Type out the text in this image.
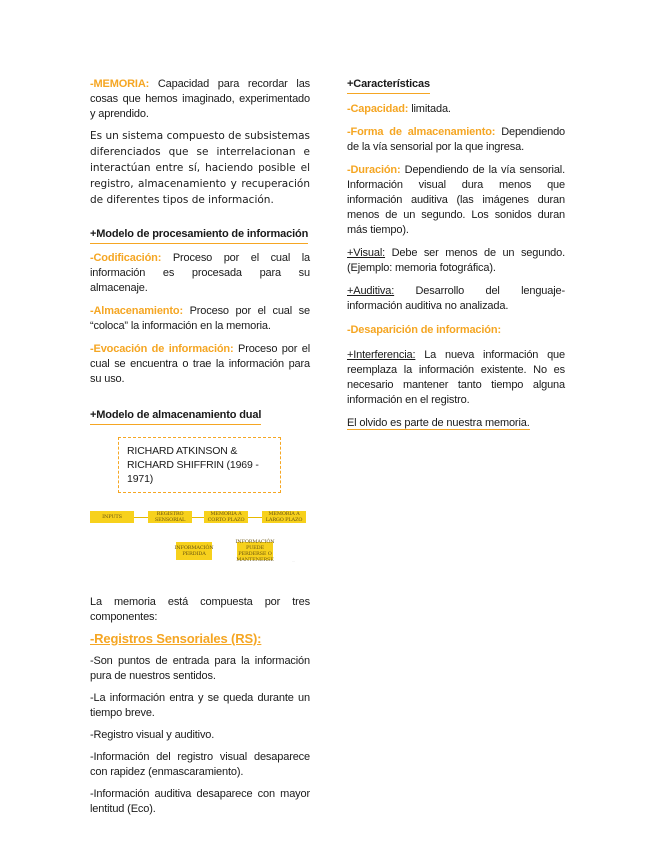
-MEMORIA: Capacidad para recordar las cosas que hemos imaginado, experimentado y aprendido.

Es un sistema compuesto de subsistemas diferenciados que se interrelacionan e interactúan entre sí, haciendo posible el registro, almacenamiento y recuperación de diferentes tipos de información.

+Modelo de procesamiento de información

-Codificación: Proceso por el cual la información es procesada para su almacenaje.

-Almacenamiento: Proceso por el cual se “coloca” la información en la memoria.

-Evocación de información: Proceso por el cual se encuentra o trae la información para su uso.

+Modelo de almacenamiento dual
RICHARD ATKINSON & RICHARD SHIFFRIN (1969 - 1971)
INPUTS	REGISTRO SENSORIAL
MEMORIA A CORTO PLAZO
MEMORIA A LARGO PLAZO
INFORMACIÓN PERDIDA
INFORMACIÓN PUEDE PERDERSE O MANTENERSE	...

La memoria está compuesta por tres componentes:

-Registros Sensoriales (RS):

-Son puntos de entrada para la información pura de nuestros sentidos.

-La información entra y se queda durante un tiempo breve.

-Registro visual y auditivo.

-Información del registro visual desaparece con rapidez (enmascaramiento).

-Información auditiva desaparece con mayor lentitud (Eco).

+Características

-Capacidad: limitada.

-Forma de almacenamiento: Dependiendo de la vía sensorial por la que ingresa.

-Duración: Dependiendo de la vía sensorial. Información visual dura menos que información auditiva (las imágenes duran menos de un segundo. Los sonidos duran más tiempo).

+Visual: Debe ser menos de un segundo. (Ejemplo: memoria fotográfica).

+Auditiva: Desarrollo del lenguaje- información auditiva no analizada.

-Desaparición de información:

+Interferencia: La nueva información que reemplaza la información existente. No es necesario mantener tanto tiempo alguna información en el registro.

El olvido es parte de nuestra memoria.
